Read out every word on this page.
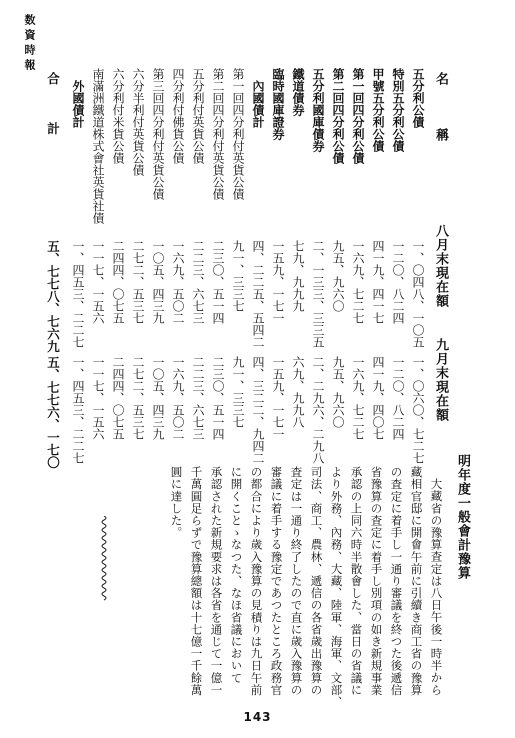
数資時報
名　　　稱
八月末現在額
九月末現在額
五分利公債
一、〇四八、一〇五
一、〇六〇、七二七
特別五分利公債
一二〇、八二四
一二〇、八二四
甲號五分利公債
四一九、四一七
四一九、四〇七
第一回四分利公債
一六九、七二七
一六九、七二七
第二回四分利公債
九五、九六〇
九五、九六〇
五分利國庫債券
二、一三三、三三五
二、二九六、二九八
鐵道債券
七九、九九九
六九、九九八
臨時國庫證券
一五九、一七一
一五九、一七一
內國債計
四、二二五、五四二
四、三二二、九四二
第一回四分利付英貨公債
九一、三三七
九一、三三七
第二回四分利付英貨公債
二三〇、五一四
二三〇、五一四
五分利付英貨公債
二二三、六七三
二二三、六七三
四分利付佛貨公債
一六九、五〇二
一六九、五〇二
第三回四分利付英貨公債
一〇五、四三九
一〇五、四三九
六分半利付英貨公債
二七二、五三七
二七二、五三七
六分利付米貨公債
二四四、〇七五
二四四、〇七五
南滿洲鐵道株式會社英貨社債
一一七、一五六
一一七、一五六
外國債計
一、四五三、二二七
一、四五三、二二七
合　　　計
五、七七八、七六九
五、七七六、一七〇
明年度一般會計豫算
大藏省の豫算査定は八日午後一時半から
藏相官邸に開會午前に引續き商工省の豫算
の査定に着手し一通り審議を終つた後遞信
省豫算の査定に着手し別項の如き新規事業
承認の上同六時半散會した、當日の省議に
より外務、內務、大藏、陸軍、海軍、文部、
司法、商工、農林、遞信の各省歲出豫算の
査定は一通り終了したので直に歲入豫算の
審議に着手する豫定であつたところ政務官
の都合により歲入豫算の見積りは九日午前
に開くことゝなつた、なほ省議において
承認された新規要求は各省を通じて一億一
千萬圓足らずで豫算總額は十七億一千餘萬
圓に達した。
143
